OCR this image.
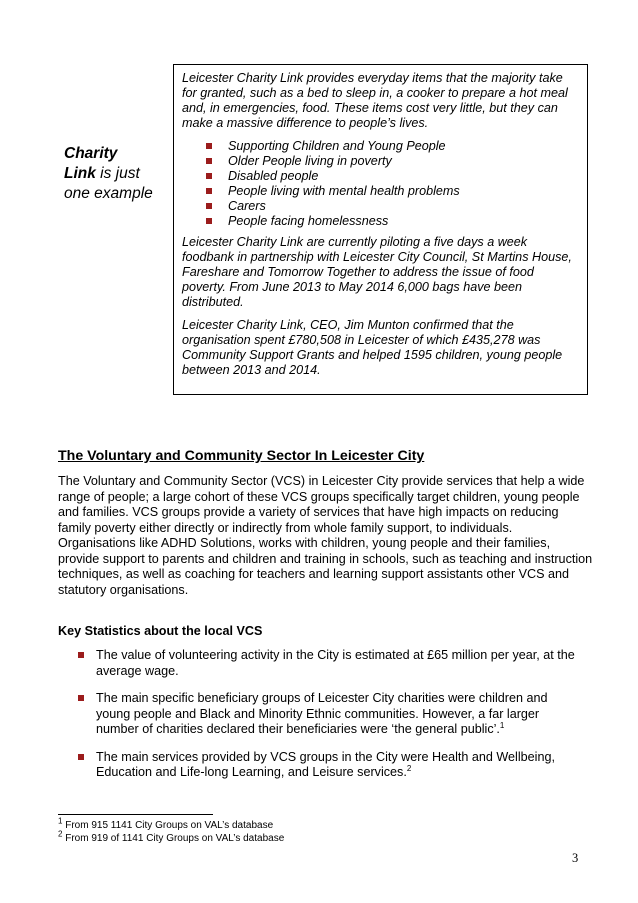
Charity
Link is just one example

Leicester Charity Link provides everyday items that the majority take for granted, such as a bed to sleep in, a cooker to prepare a hot meal and, in emergencies, food. These items cost very little, but they can make a massive difference to people’s lives.

Supporting Children and Young People
Older People living in poverty
Disabled people
People living with mental health problems
Carers
People facing homelessness

Leicester Charity Link are currently piloting a five days a week foodbank in partnership with Leicester City Council, St Martins House, Fareshare and Tomorrow Together to address the issue of food poverty. From June 2013 to May 2014 6,000 bags have been distributed.

Leicester Charity Link, CEO, Jim Munton confirmed that the organisation spent £780,508 in Leicester of which £435,278 was Community Support Grants and helped 1595 children, young people between 2013 and 2014.

The Voluntary and Community Sector In Leicester City

The Voluntary and Community Sector (VCS) in Leicester City provide services that help a wide range of people; a large cohort of these VCS groups specifically target children, young people and families. VCS groups provide a variety of services that have high impacts on reducing family poverty either directly or indirectly from whole family support, to individuals. Organisations like ADHD Solutions, works with children, young people and their families, provide support to parents and children and training in schools, such as teaching and instruction techniques, as well as coaching for teachers and learning support assistants other VCS and statutory organisations.

Key Statistics about the local VCS
The value of volunteering activity in the City is estimated at £65 million per year, at the average wage.
The main specific beneficiary groups of Leicester City charities were children and young people and Black and Minority Ethnic communities. However, a far larger number of charities declared their beneficiaries were ‘the general public’.$^1$
The main services provided by VCS groups in the City were Health and Wellbeing, Education and Life-long Learning, and Leisure services.$^2$
$^1$ From 915 1141 City Groups on VAL’s database
$^2$ From 919 of 1141 City Groups on VAL’s database
3
